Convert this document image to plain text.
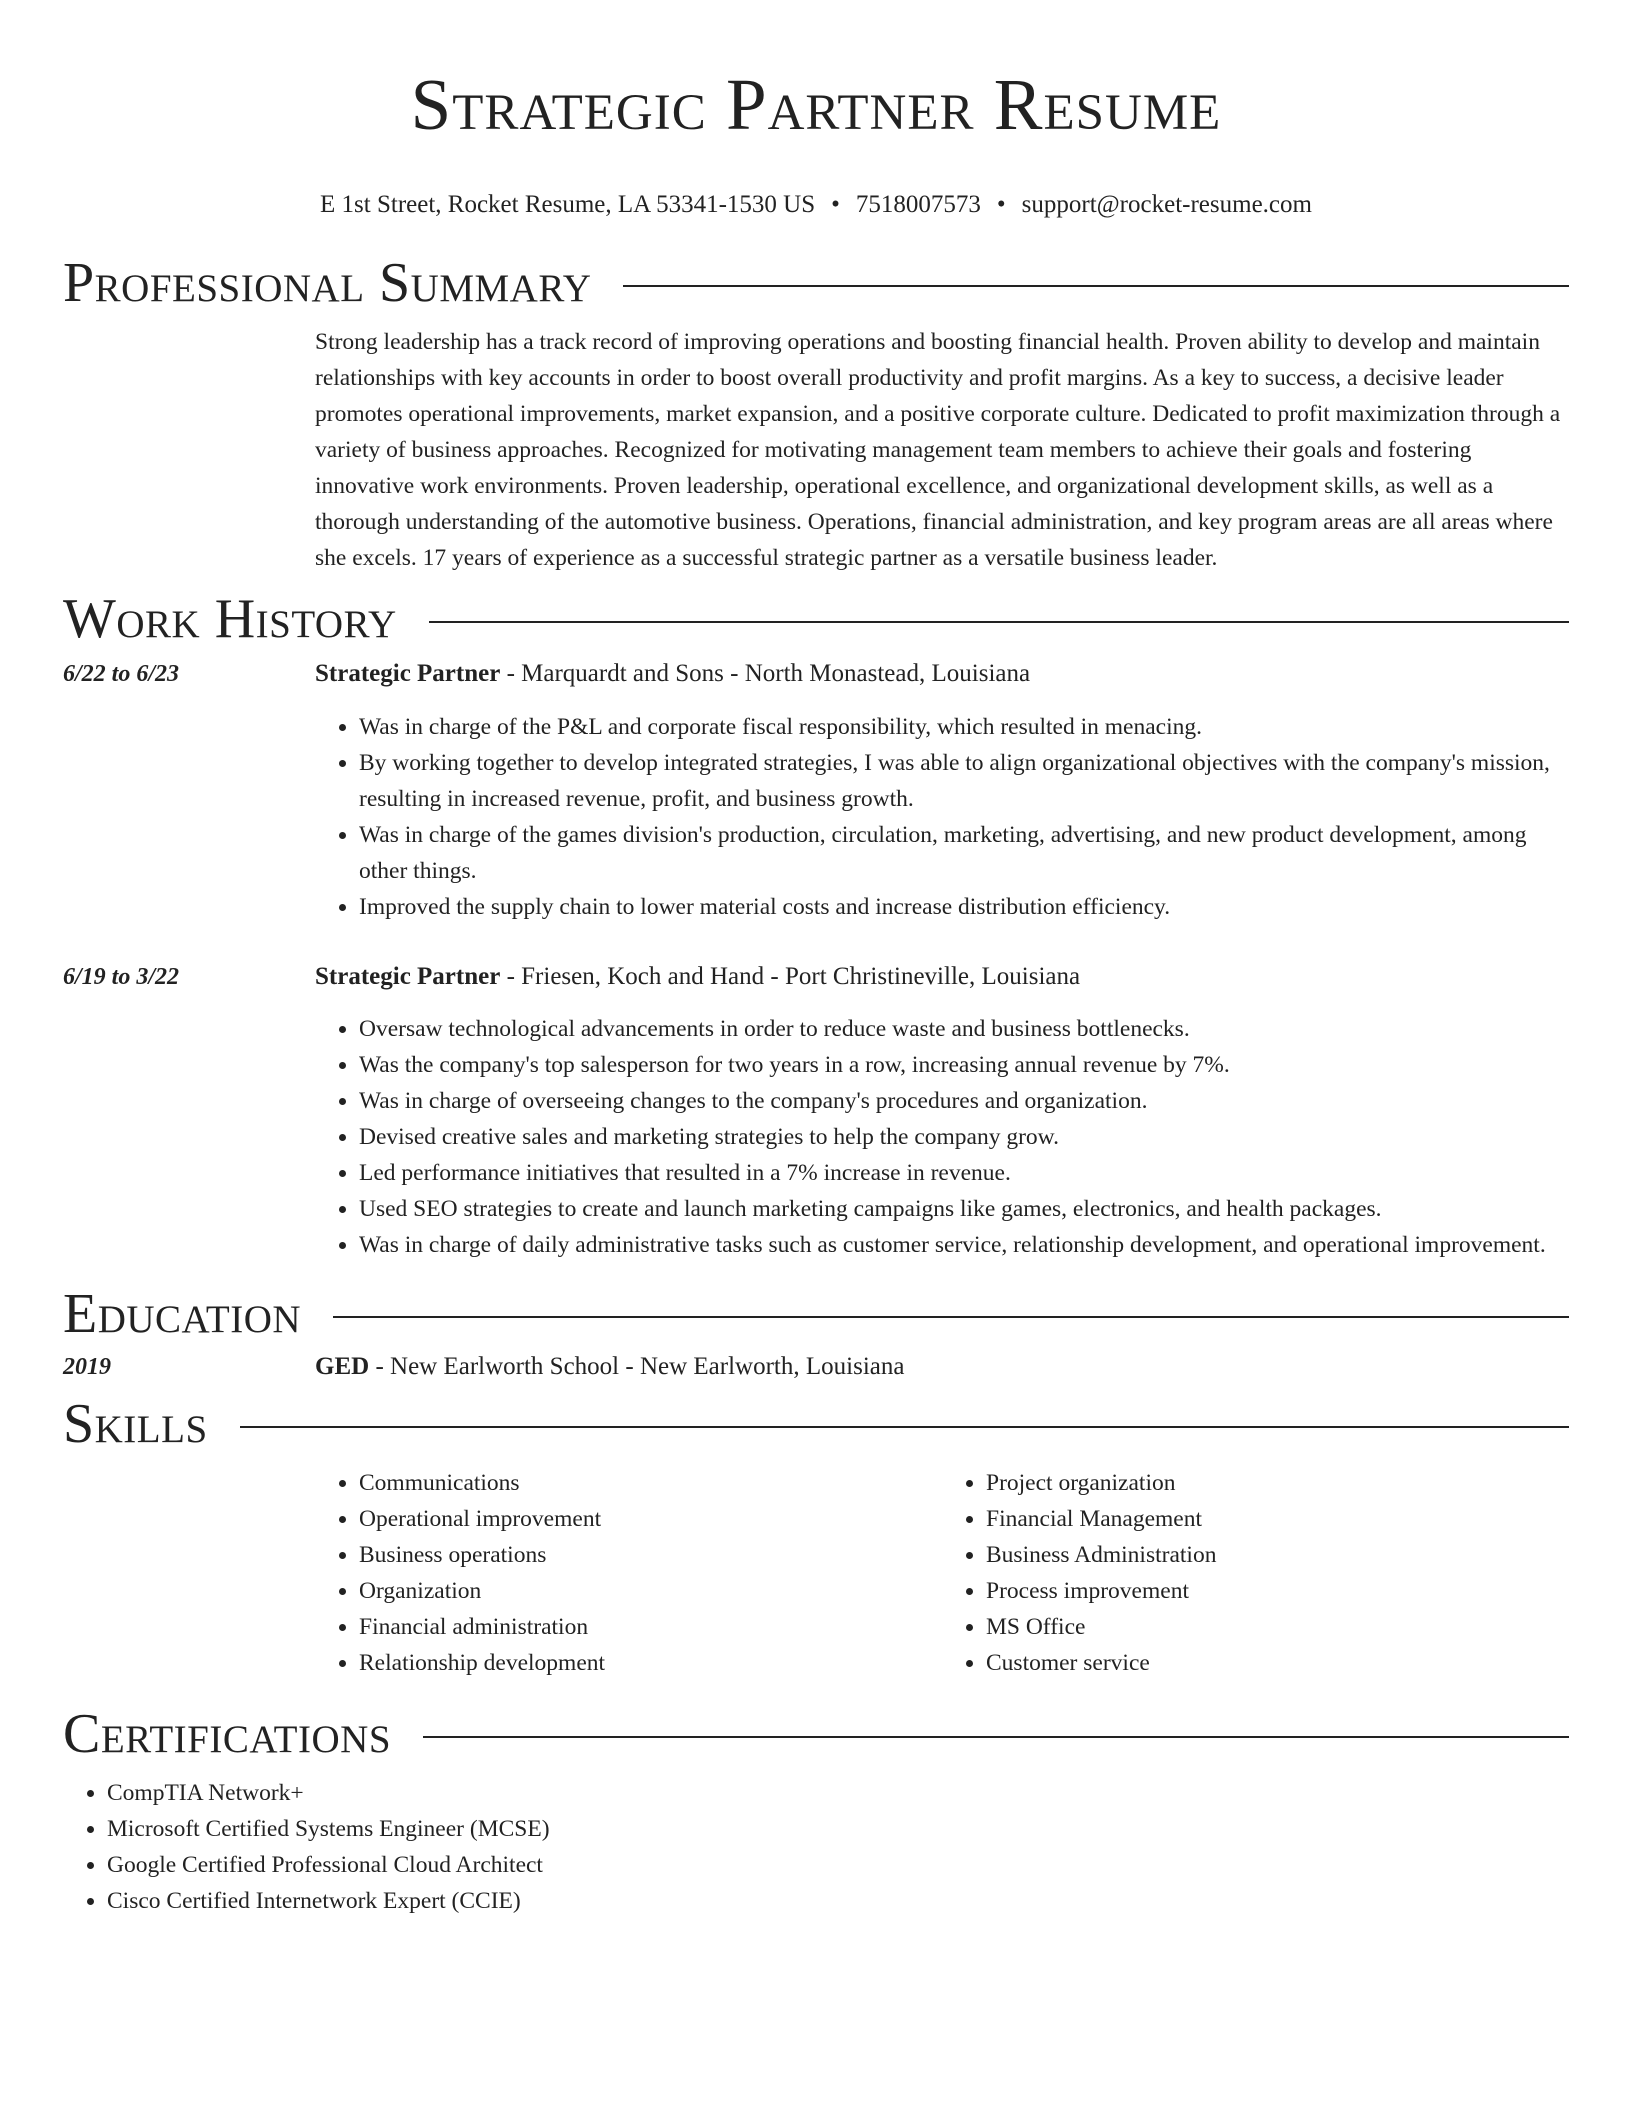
Strategic Partner Resume
E 1st Street, Rocket Resume, LA 53341-1530 US • 7518007573 • support@rocket-resume.com
Professional Summary
Strong leadership has a track record of improving operations and boosting financial health. Proven ability to develop and maintain relationships with key accounts in order to boost overall productivity and profit margins. As a key to success, a decisive leader promotes operational improvements, market expansion, and a positive corporate culture. Dedicated to profit maximization through a variety of business approaches. Recognized for motivating management team members to achieve their goals and fostering innovative work environments. Proven leadership, operational excellence, and organizational development skills, as well as a thorough understanding of the automotive business. Operations, financial administration, and key program areas are all areas where she excels. 17 years of experience as a successful strategic partner as a versatile business leader.
Work History
6/22 to 6/23	Strategic Partner - Marquardt and Sons - North Monastead, Louisiana
• Was in charge of the P&L and corporate fiscal responsibility, which resulted in menacing.
• By working together to develop integrated strategies, I was able to align organizational objectives with the company's mission, resulting in increased revenue, profit, and business growth.
• Was in charge of the games division's production, circulation, marketing, advertising, and new product development, among other things.
• Improved the supply chain to lower material costs and increase distribution efficiency.
6/19 to 3/22	Strategic Partner - Friesen, Koch and Hand - Port Christineville, Louisiana
• Oversaw technological advancements in order to reduce waste and business bottlenecks.
• Was the company's top salesperson for two years in a row, increasing annual revenue by 7%.
• Was in charge of overseeing changes to the company's procedures and organization.
• Devised creative sales and marketing strategies to help the company grow.
• Led performance initiatives that resulted in a 7% increase in revenue.
• Used SEO strategies to create and launch marketing campaigns like games, electronics, and health packages.
• Was in charge of daily administrative tasks such as customer service, relationship development, and operational improvement.
Education
2019	GED - New Earlworth School - New Earlworth, Louisiana
Skills
• Communications
• Operational improvement
• Business operations
• Organization
• Financial administration
• Relationship development
• Project organization
• Financial Management
• Business Administration
• Process improvement
• MS Office
• Customer service
Certifications
• CompTIA Network+
• Microsoft Certified Systems Engineer (MCSE)
• Google Certified Professional Cloud Architect
• Cisco Certified Internetwork Expert (CCIE)
